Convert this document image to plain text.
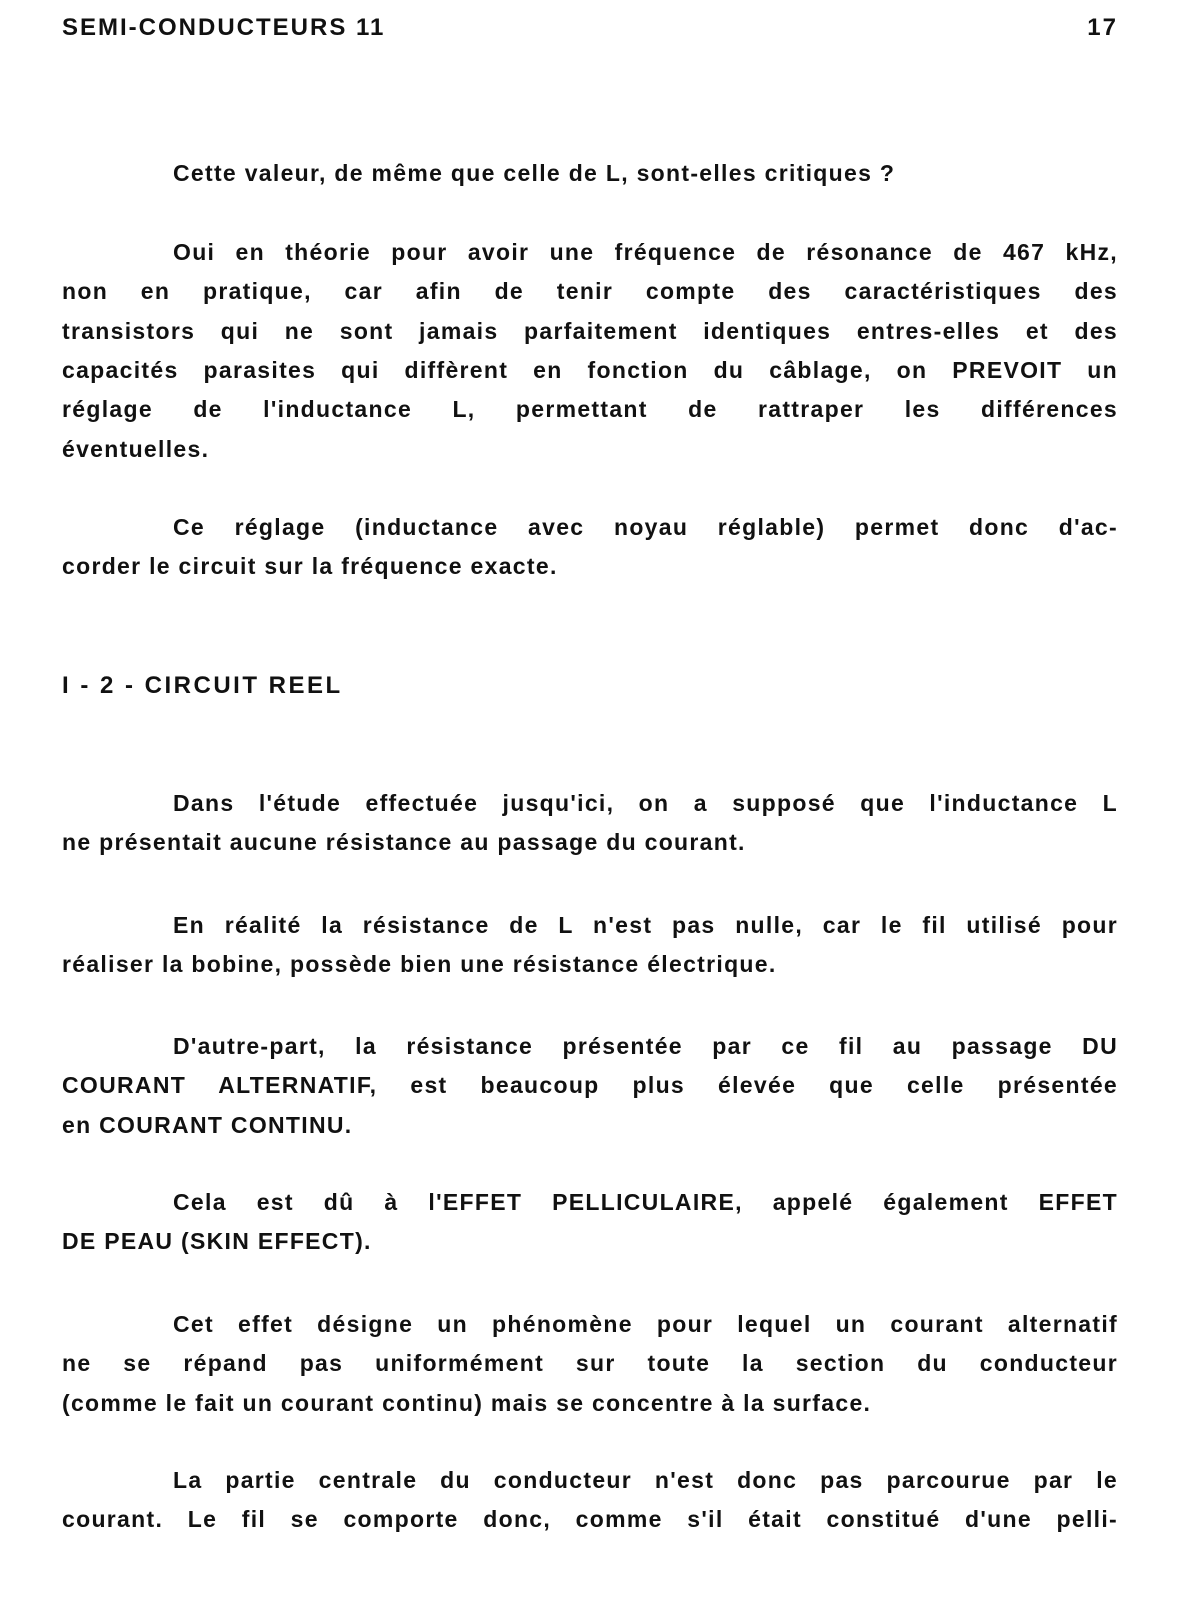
SEMI-CONDUCTEURS 11	17
I - 2 - CIRCUIT REEL
Cette valeur, de même que celle de L, sont-elles critiques ?
Oui en théorie pour avoir une fréquence de résonance de 467 kHz,
non en pratique, car afin de tenir compte des caractéristiques des
transistors qui ne sont jamais parfaitement identiques entres-elles et des
capacités parasites qui diffèrent en fonction du câblage, on PREVOIT un
réglage de l'inductance L, permettant de rattraper les différences
éventuelles.
Ce réglage (inductance avec noyau réglable) permet donc d'ac-
corder le circuit sur la fréquence exacte.
Dans l'étude effectuée jusqu'ici, on a supposé que l'inductance L
ne présentait aucune résistance au passage du courant.
En réalité la résistance de L n'est pas nulle, car le fil utilisé pour
réaliser la bobine, possède bien une résistance électrique.
D'autre-part, la résistance présentée par ce fil au passage DU
COURANT ALTERNATIF, est beaucoup plus élevée que celle présentée
en COURANT CONTINU.
Cela est dû à l'EFFET PELLICULAIRE, appelé également EFFET
DE PEAU (SKIN EFFECT).
Cet effet désigne un phénomène pour lequel un courant alternatif
ne se répand pas uniformément sur toute la section du conducteur
(comme le fait un courant continu) mais se concentre à la surface.
La partie centrale du conducteur n'est donc pas parcourue par le
courant. Le fil se comporte donc, comme s'il était constitué d'une pelli-
